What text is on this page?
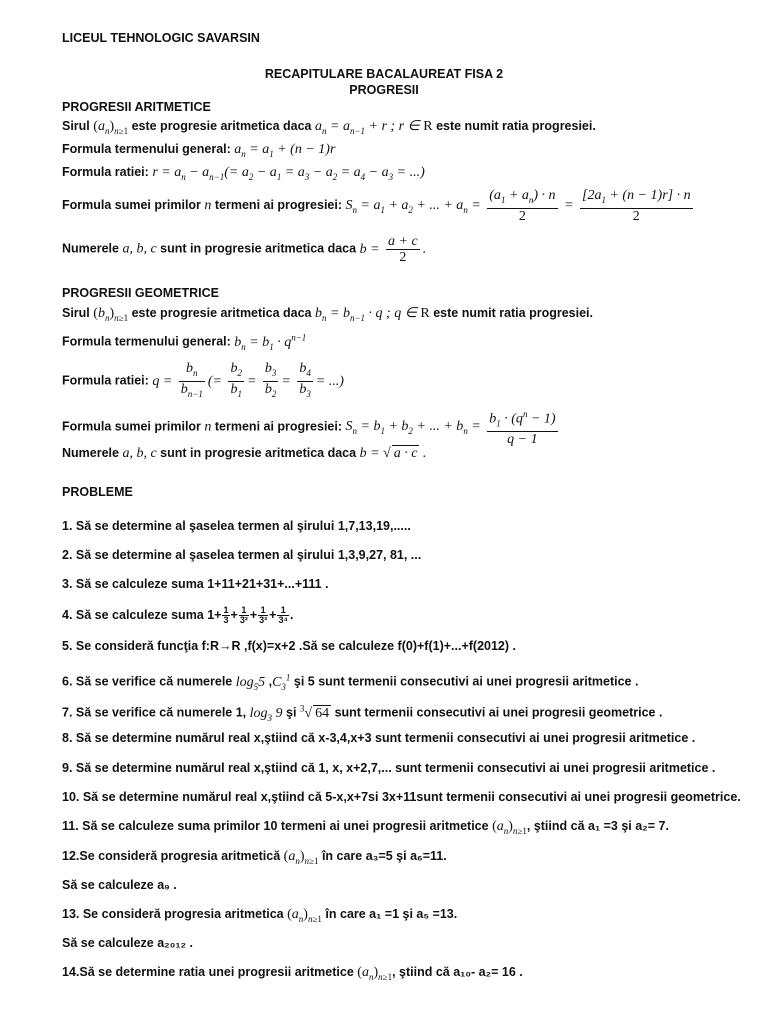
LICEUL TEHNOLOGIC SAVARSIN
RECAPITULARE BACALAUREAT FISA 2
PROGRESII
PROGRESII ARITMETICE
Sirul $(a_n)_{n\ge 1}$ este progresie aritmetica daca $a_n = a_{n-1} + r$ ; r ∈ R este numit ratia progresiei.
Formula termenului general: $a_n = a_1 + (n - 1)r$
Formula ratiei: $r = a_n - a_{n-1}(= a_2 - a_1 = a_3 - a_2 = a_4 - a_3$ = ...)
Formula sumei primilor n termeni ai progresiei: $S_n = a_1 + a_2$ + ... + $a_n = \frac{(a_1 + a_n) \cdot n}{2} = \frac{[2a_1 + (n - 1)r] \cdot n}{2}$
Numerele a, b, c sunt in progresie aritmetica daca $b = \frac{a + c}{2}$ .
PROGRESII GEOMETRICE
Sirul $(b_n)_{n\ge 1}$ este progresie aritmetica daca $b_n = b_{n-1} \cdot q$ ; q ∈ R este numit ratia progresiei.
Formula termenului general: $b_n = b_1 \cdot q^{n-1}$
Formula ratiei: $q = \frac{b_n}{b_{n-1}}$ (= $\frac{b_2}{b_1} = \frac{b_3}{b_2} = \frac{b_4}{b_3}$ = ...)
Formula sumei primilor n termeni ai progresiei: $S_n = b_1 + b_2$ + ... + $b_n = \frac{b_1 \cdot (q^n - 1)}{q - 1}$
Numerele a, b, c sunt in progresie aritmetica daca b = √ a · c .
PROBLEME
1. Să se determine al şaselea termen al şirului 1,7,13,19,.....
2. Să se determine al şaselea termen al şirului 1,3,9,27, 81, ...
3. Să se calculeze suma 1+11+21+31+...+111 .
4. Să se calculeze suma $1+ \frac{1}{3} + \frac{1}{\text{3²}} + \frac{1}{\text{3³}} + \frac{1}{\text{3⁴}}$ .
5. Se consideră funcţia f:R→R ,f(x)=x+2 .Să se calculeze f(0)+f(1)+...+f(2012) .
6. Să se verifice că numerele $\log_55$ $,C_3^1$ şi 5 sunt termenii consecutivi ai unei progresii aritmetice .
7. Să se verifice că numerele 1, $\log_3 9$ şi $^3$√ 64 sunt termenii consecutivi ai unei progresii geometrice .
8. Să se determine numărul real x,ştiind că x-3,4,x+3 sunt termenii consecutivi ai unei progresii aritmetice .
9. Să se determine numărul real x,ştiind că 1, x, x+2,7,... sunt termenii consecutivi ai unei progresii aritmetice .
10. Să se determine numărul real x,ştiind că 5-x,x+7si 3x+11sunt termenii consecutivi ai unei progresii geometrice.
11. Să se calculeze suma primilor 10 termeni ai unei progresii aritmetice $(a_n)_{n\ge 1}$, ştiind că a₁ =3 şi a₂= 7.
12.Se consideră progresia aritmetică $(a_n)_{n\ge 1}$ în care a₃=5 şi a₆=11.
Să se calculeze a₉ .
13. Se consideră progresia aritmetica $(a_n)_{n\ge 1}$ în care a₁ =1 şi a₅ =13.
Să se calculeze a₂₀₁₂ .
14.Să se determine ratia unei progresii aritmetice $(a_n)_{n\ge 1}$, ştiind că a₁₀- a₂= 16 .
